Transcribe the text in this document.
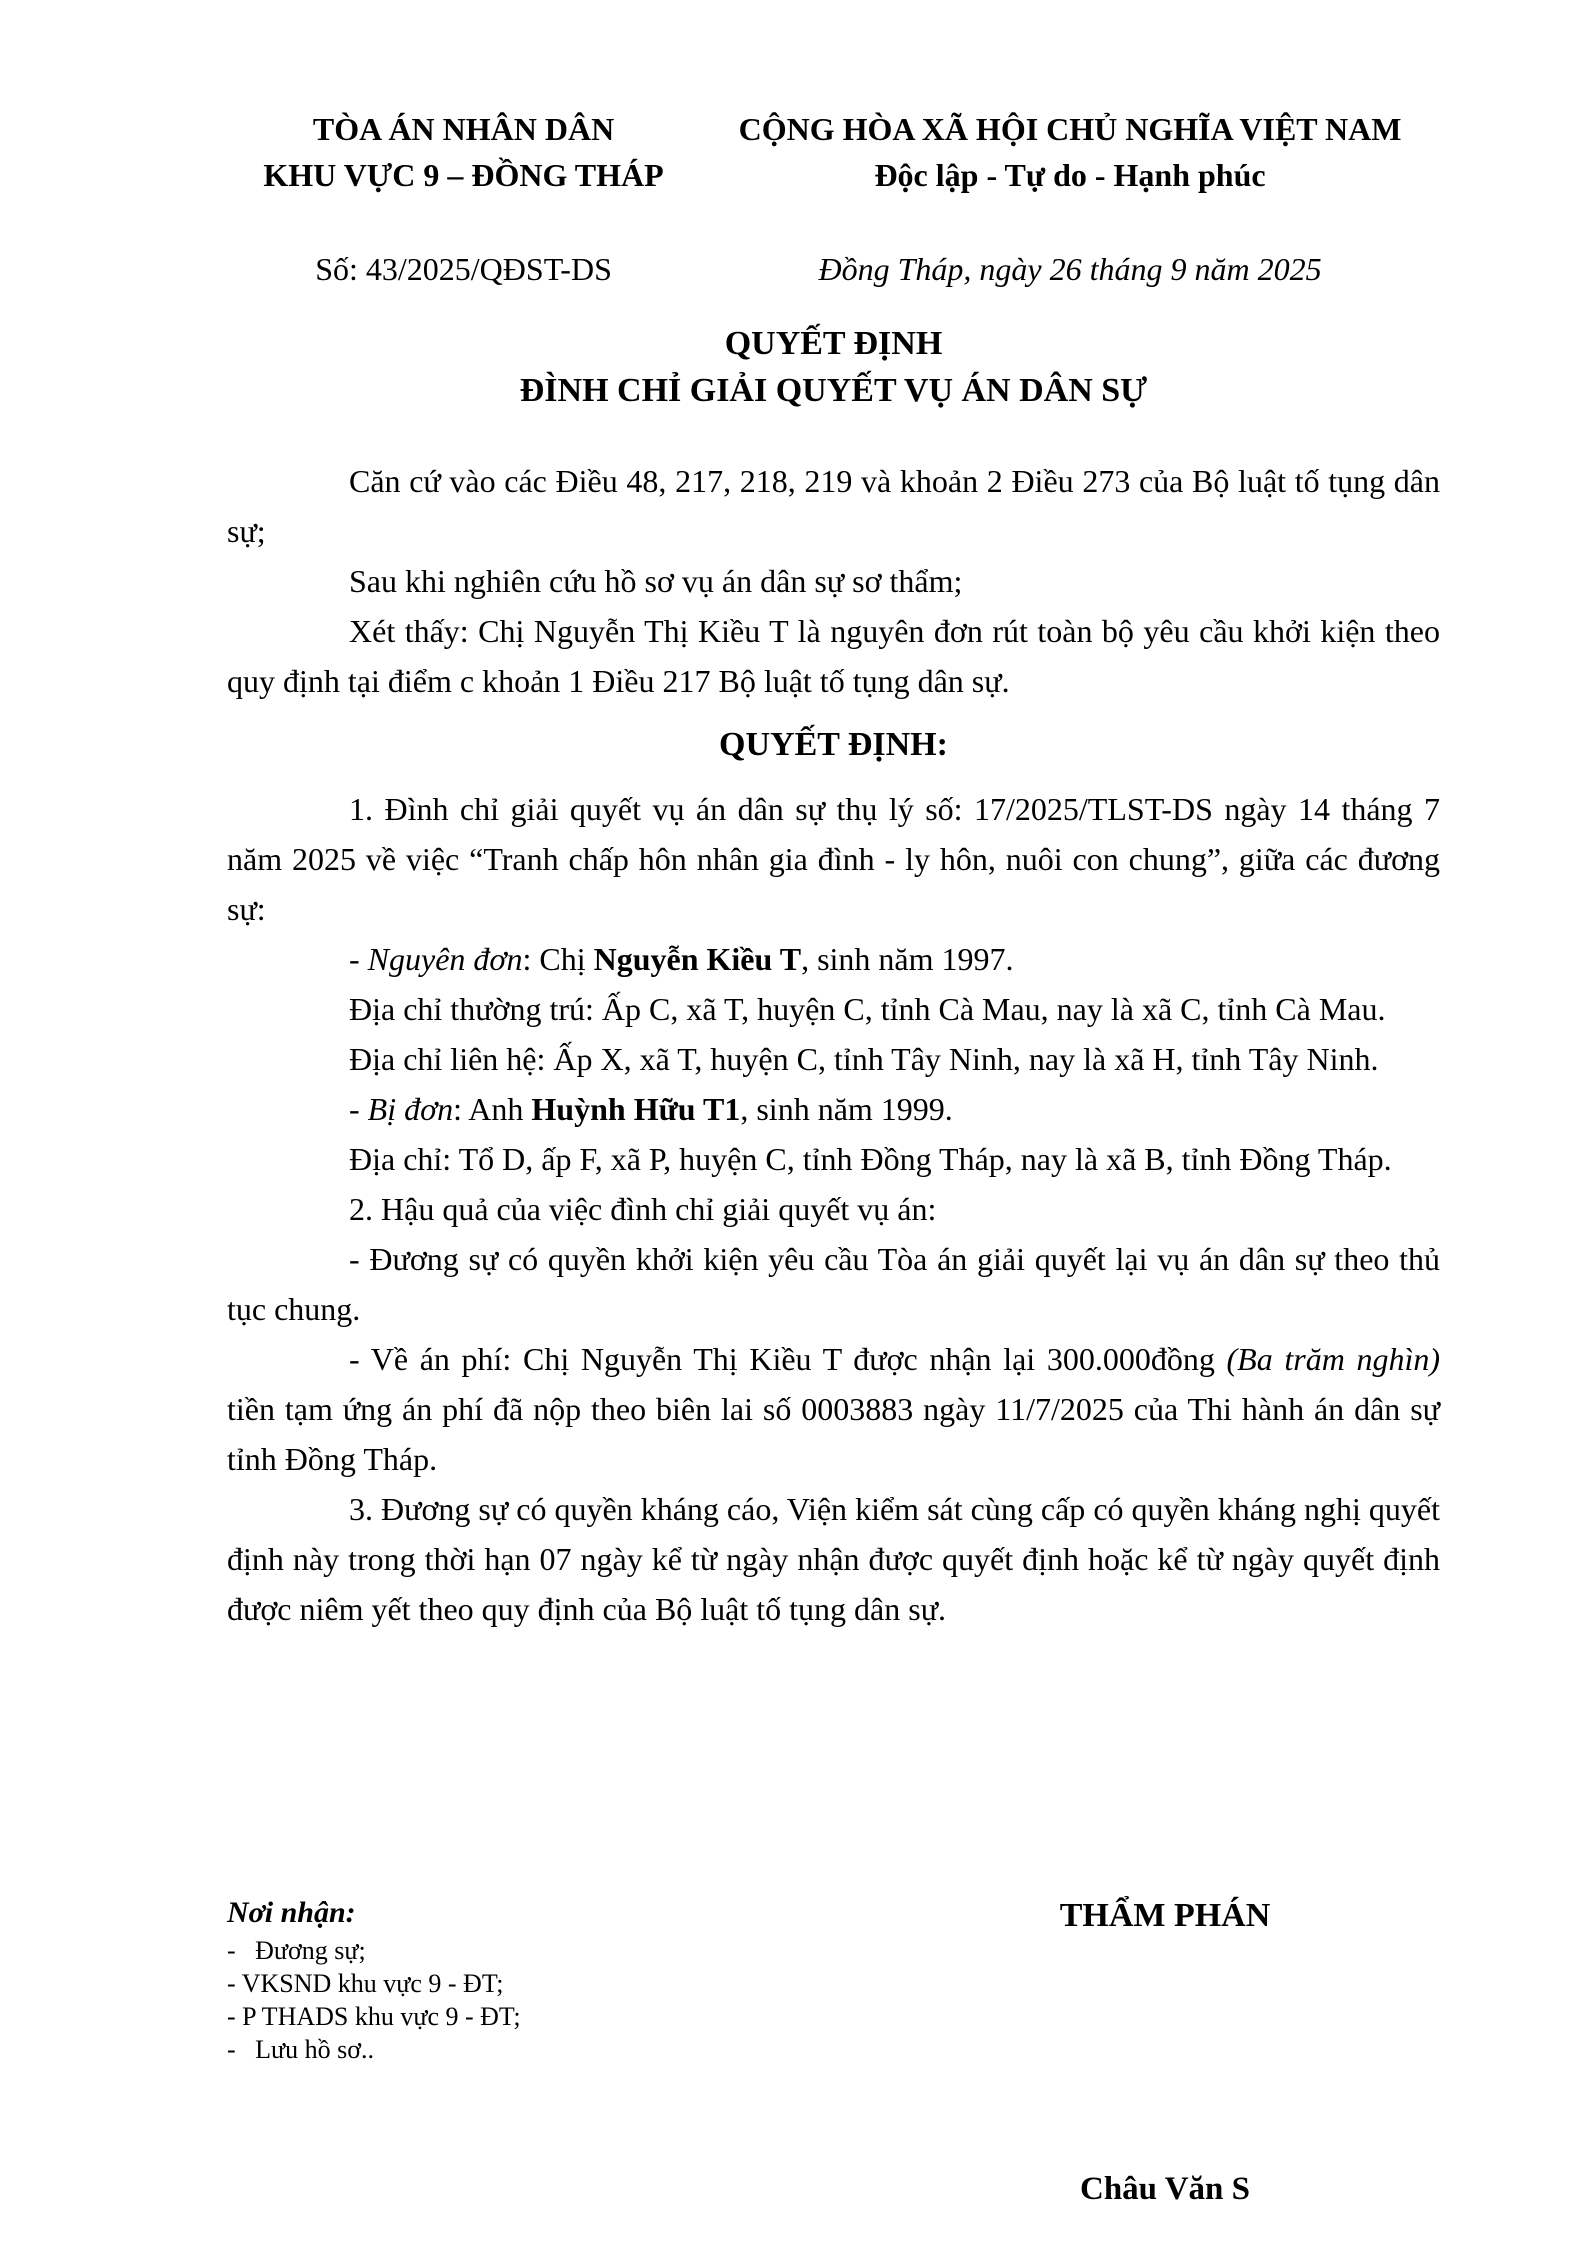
TÒA ÁN NHÂN DÂN
KHU VỰC 9 – ĐỒNG THÁP
CỘNG HÒA XÃ HỘI CHỦ NGHĨA VIỆT NAM
Độc lập - Tự do - Hạnh phúc
Số: 43/2025/QĐST-DS	Đồng Tháp, ngày 26 tháng 9 năm 2025
QUYẾT ĐỊNH
ĐÌNH CHỈ GIẢI QUYẾT VỤ ÁN DÂN SỰ

Căn cứ vào các Điều 48, 217, 218, 219 và khoản 2 Điều 273 của Bộ luật tố tụng dân sự;

Sau khi nghiên cứu hồ sơ vụ án dân sự sơ thẩm;

Xét thấy: Chị Nguyễn Thị Kiều T là nguyên đơn rút toàn bộ yêu cầu khởi kiện theo quy định tại điểm c khoản 1 Điều 217 Bộ luật tố tụng dân sự.

QUYẾT ĐỊNH:

1. Đình chỉ giải quyết vụ án dân sự thụ lý số: 17/2025/TLST-DS ngày 14 tháng 7 năm 2025 về việc “Tranh chấp hôn nhân gia đình - ly hôn, nuôi con chung”, giữa các đương sự:

- Nguyên đơn: Chị Nguyễn Kiều T, sinh năm 1997.

Địa chỉ thường trú: Ấp C, xã T, huyện C, tỉnh Cà Mau, nay là xã C, tỉnh Cà Mau.

Địa chỉ liên hệ: Ấp X, xã T, huyện C, tỉnh Tây Ninh, nay là xã H, tỉnh Tây Ninh.

- Bị đơn: Anh Huỳnh Hữu T1, sinh năm 1999.

Địa chỉ: Tổ D, ấp F, xã P, huyện C, tỉnh Đồng Tháp, nay là xã B, tỉnh Đồng Tháp.

2. Hậu quả của việc đình chỉ giải quyết vụ án:

- Đương sự có quyền khởi kiện yêu cầu Tòa án giải quyết lại vụ án dân sự theo thủ tục chung.

- Về án phí: Chị Nguyễn Thị Kiều T được nhận lại 300.000đồng (Ba trăm nghìn) tiền tạm ứng án phí đã nộp theo biên lai số 0003883 ngày 11/7/2025 của Thi hành án dân sự tỉnh Đồng Tháp.

3. Đương sự có quyền kháng cáo, Viện kiểm sát cùng cấp có quyền kháng nghị quyết định này trong thời hạn 07 ngày kể từ ngày nhận được quyết định hoặc kể từ ngày quyết định được niêm yết theo quy định của Bộ luật tố tụng dân sự.

Nơi nhận:
-   Đương sự;
- VKSND khu vực 9 - ĐT;
- P THADS khu vực 9 - ĐT;
-   Lưu hồ sơ..
THẨM PHÁN
Châu Văn S
